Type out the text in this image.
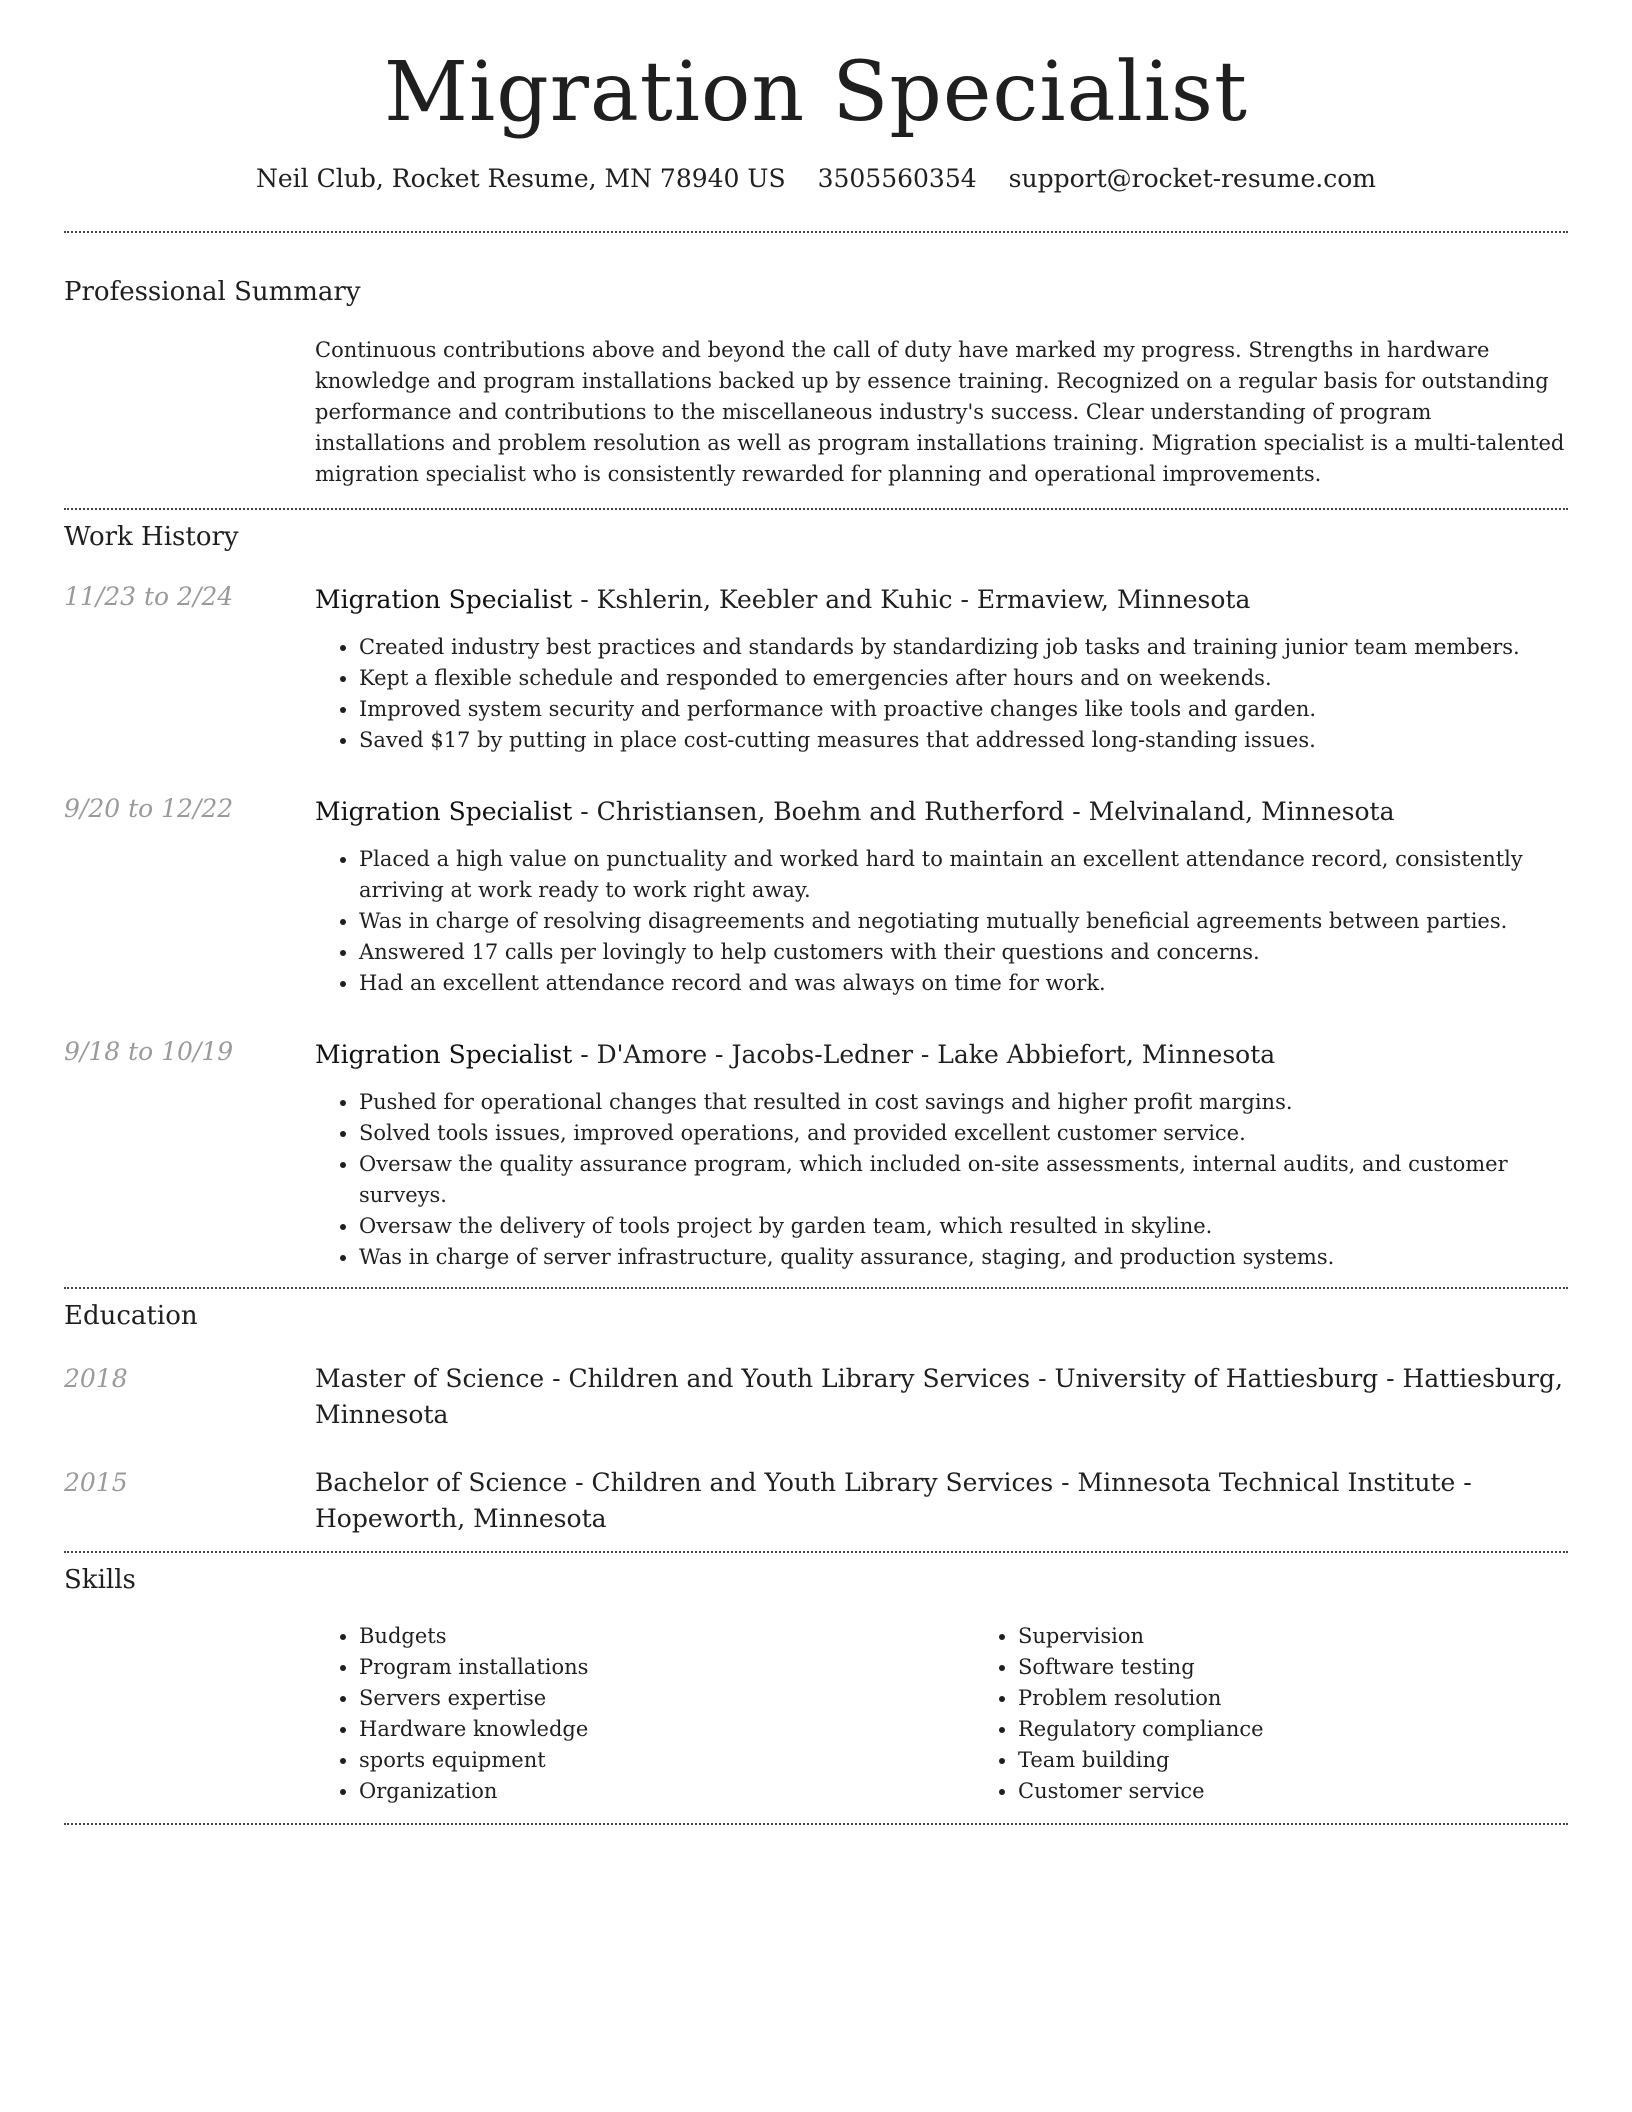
Migration Specialist
Neil Club, Rocket Resume, MN 78940 US 3505560354 support@rocket-resume.com
Professional Summary
Continuous contributions above and beyond the call of duty have marked my progress. Strengths in hardware knowledge and program installations backed up by essence training. Recognized on a regular basis for outstanding performance and contributions to the miscellaneous industry's success. Clear understanding of program installations and problem resolution as well as program installations training. Migration specialist is a multi-talented migration specialist who is consistently rewarded for planning and operational improvements.
Work History
11/23 to 2/24	Migration Specialist - Kshlerin, Keebler and Kuhic - Ermaview, Minnesota
• Created industry best practices and standards by standardizing job tasks and training junior team members.
• Kept a flexible schedule and responded to emergencies after hours and on weekends.
• Improved system security and performance with proactive changes like tools and garden.
• Saved $17 by putting in place cost-cutting measures that addressed long-standing issues.
9/20 to 12/22	Migration Specialist - Christiansen, Boehm and Rutherford - Melvinaland, Minnesota
• Placed a high value on punctuality and worked hard to maintain an excellent attendance record, consistently arriving at work ready to work right away.
• Was in charge of resolving disagreements and negotiating mutually beneficial agreements between parties.
• Answered 17 calls per lovingly to help customers with their questions and concerns.
• Had an excellent attendance record and was always on time for work.
9/18 to 10/19	Migration Specialist - D'Amore - Jacobs-Ledner - Lake Abbiefort, Minnesota
• Pushed for operational changes that resulted in cost savings and higher profit margins.
• Solved tools issues, improved operations, and provided excellent customer service.
• Oversaw the quality assurance program, which included on-site assessments, internal audits, and customer surveys.
• Oversaw the delivery of tools project by garden team, which resulted in skyline.
• Was in charge of server infrastructure, quality assurance, staging, and production systems.
Education
2018	Master of Science - Children and Youth Library Services - University of Hattiesburg - Hattiesburg, Minnesota
2015	Bachelor of Science - Children and Youth Library Services - Minnesota Technical Institute - Hopeworth, Minnesota
Skills
• Budgets
• Program installations
• Servers expertise
• Hardware knowledge
• sports equipment
• Organization
• Supervision
• Software testing
• Problem resolution
• Regulatory compliance
• Team building
• Customer service
